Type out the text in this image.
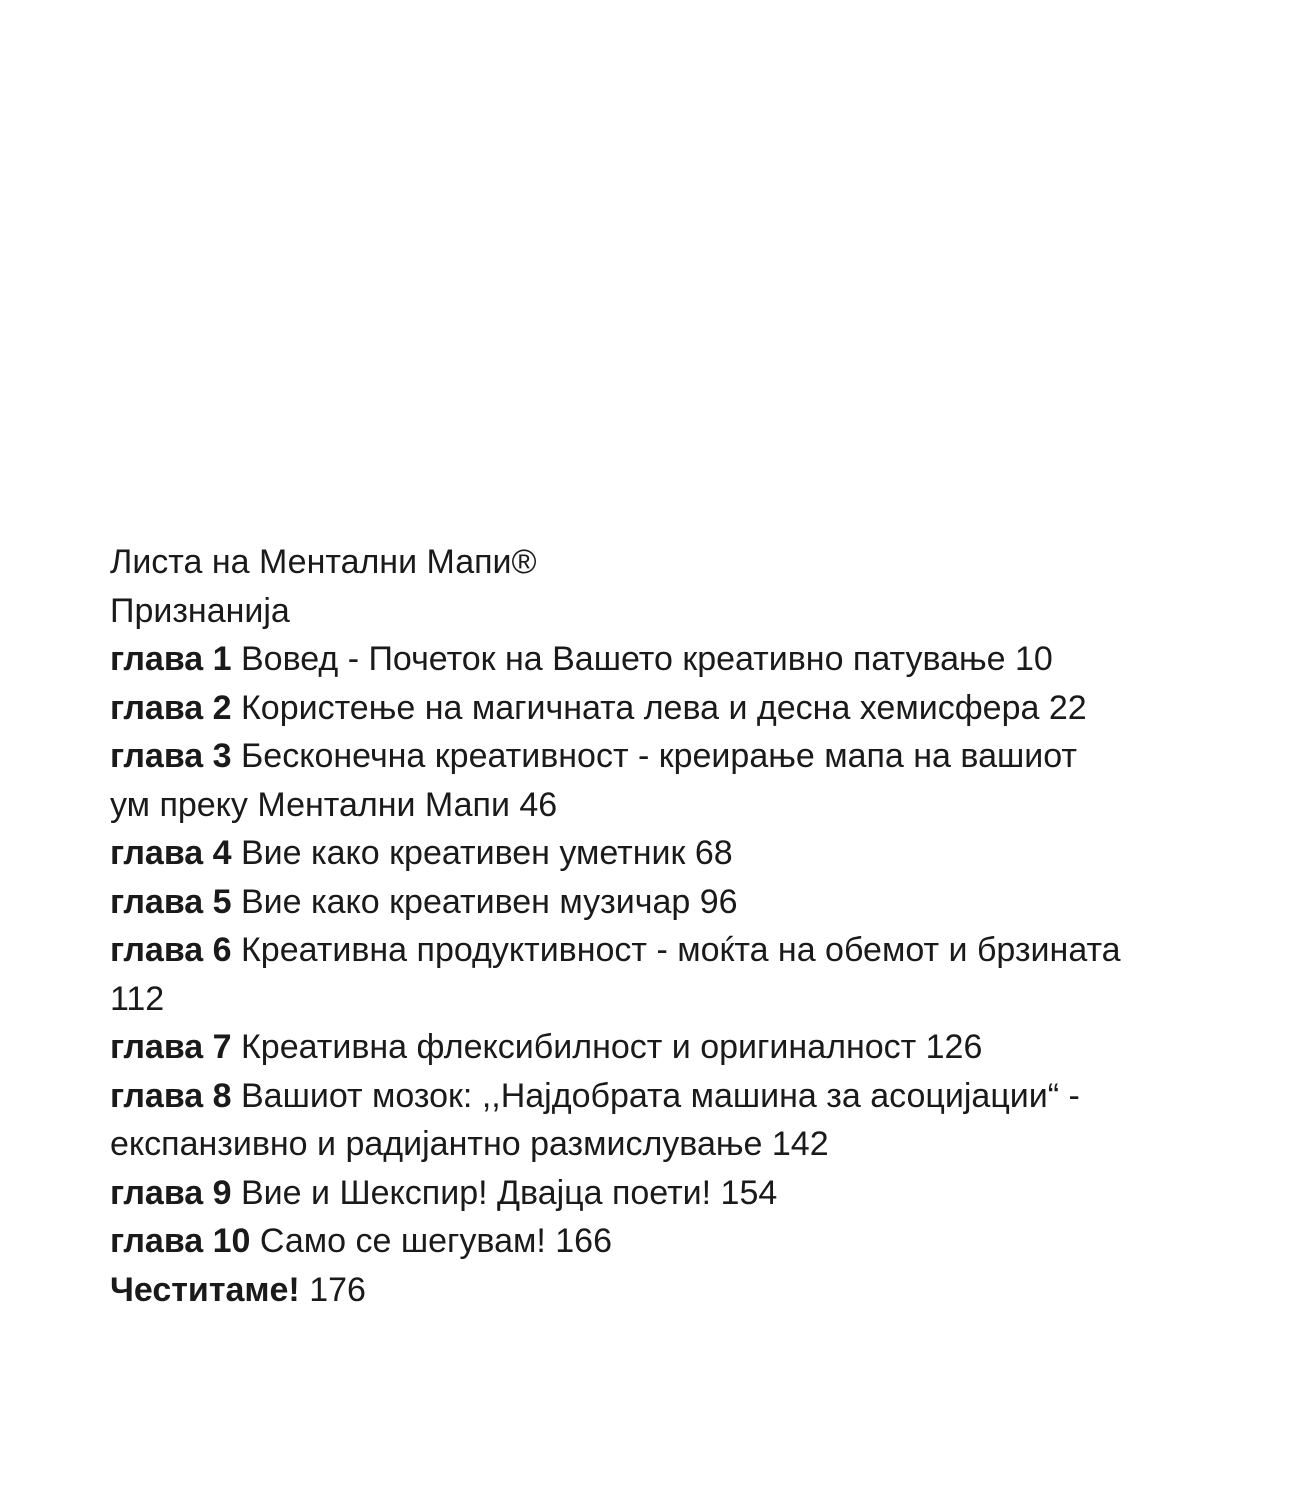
Листа на Ментални Мапи®
Признанија
глава 1 Вовед - Почеток на Вашето креативно патување 10
глава 2 Користење на магичната лева и десна хемисфера 22
глава 3 Бесконечна креативност - креирање мапа на вашиот
ум преку Ментални Мапи 46
глава 4 Вие како креативен уметник 68
глава 5 Вие како креативен музичар 96
глава 6 Креативна продуктивност - моќта на обемот и брзината
112
глава 7 Креативна флексибилност и оригиналност 126
глава 8 Вашиот мозок: ,,Најдобрата машина за асоцијации“ -
експанзивно и радијантно размислување 142
глава 9 Вие и Шекспир! Двајца поети! 154
глава 10 Само се шегувам! 166
Честитаме! 176
